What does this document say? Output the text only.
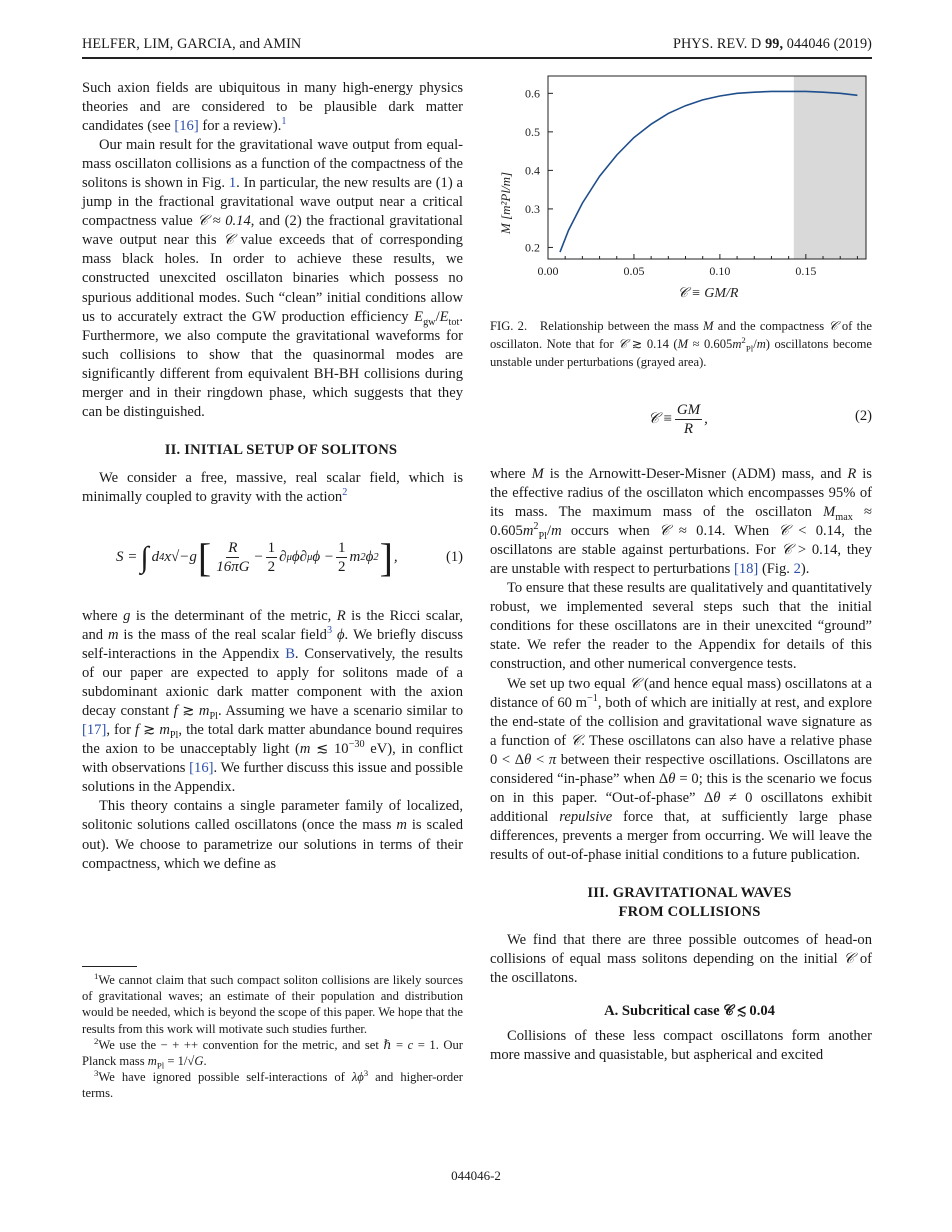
HELFER, LIM, GARCIA, and AMIN	PHYS. REV. D 99, 044046 (2019)

Such axion fields are ubiquitous in many high-energy physics theories and are considered to be plausible dark matter candidates (see [16] for a review).$^1$

Our main result for the gravitational wave output from equal-mass oscillaton collisions as a function of the compactness of the solitons is shown in Fig. 1. In particular, the new results are (1) a jump in the fractional gravitational wave output near a critical compactness value 𝒞 ≈ 0.14, and (2) the fractional gravitational wave output near this 𝒞 value exceeds that of corresponding mass black holes. In order to achieve these results, we constructed unexcited oscillaton binaries which possess no spurious additional modes. Such “clean” initial conditions allow us to accurately extract the GW production efficiency $E_{gw}/E_{tot}$. Furthermore, we also compute the gravitational waveforms for such collisions to show that the quasinormal modes are significantly different from equivalent BH-BH collisions during merger and in their ringdown phase, which suggests that they can be distinguished.

II. INITIAL SETUP OF SOLITONS

We consider a free, massive, real scalar field, which is minimally coupled to gravity with the action$^2$

S = ∫ d 4 x√−g [ $\frac{R}{16\pi G} - \frac{1}{2}$ ∂ μ ϕ∂ μ $\phi - \frac{1}{2}$ m 2 ϕ 2 ] ,	(1)

where g is the determinant of the metric, R is the Ricci scalar, and m is the mass of the real scalar field$^3$ ϕ. We briefly discuss self-interactions in the Appendix B. Conservatively, the results of our paper are expected to apply for solitons made of a subdominant axionic dark matter component with the axion decay constant f ≳ $m_{Pl}$. Assuming we have a scenario similar to [17], for f ≳ $m_{Pl}$, the total dark matter abundance bound requires the axion to be unacceptably light (m ≲ $10^{-30}$ eV), in conflict with observations [16]. We further discuss this issue and possible solutions in the Appendix.

This theory contains a single parameter family of localized, solitonic solutions called oscillatons (once the mass m is scaled out). We choose to parametrize our solutions in terms of their compactness, which we define as

$^1$We cannot claim that such compact soliton collisions are likely sources of gravitational waves; an estimate of their population and distribution would be needed, which is beyond the scope of this paper. We hope that the results from this work will motivate such studies further.

$^2$We use the − + ++ convention for the metric, and set ℏ = c = 1. Our Planck mass $m_{Pl} = 1/√G$.

$^3$We have ignored possible self-interactions of $\lambda\phi^3$ and higher-order terms.

0.00	0.05	0.10	0.15
0.2
0.3
0.4
0.5
0.6
𝒞 ≡ GM/R
M [m²Pl/m]
FIG. 2. Relationship between the mass M and the compactness 𝒞 of the oscillaton. Note that for 𝒞 ≳ 0.14 $(M \approx 0.605m^2_{Pl}/m)$ oscillatons become unstable under perturbations (grayed area).
𝒞 ≡ $\frac{GM}{R}$ ,	(2)

where M is the Arnowitt-Deser-Misner (ADM) mass, and R is the effective radius of the oscillaton which encompasses 95% of its mass. The maximum mass of the oscillaton $M_{max} \approx 0.605m^2_{Pl}/m$ occurs when 𝒞 ≈ 0.14. When 𝒞 < 0.14, the oscillatons are stable against perturbations. For 𝒞 > 0.14, they are unstable with respect to perturbations [18] (Fig. 2).

To ensure that these results are qualitatively and quantitatively robust, we implemented several steps such that the initial conditions for these oscillatons are in their unexcited “ground” state. We refer the reader to the Appendix for details of this construction, and other numerical convergence tests.

We set up two equal 𝒞 (and hence equal mass) oscillatons at a distance of 60 $m^{-1}$, both of which are initially at rest, and explore the end-state of the collision and gravitational wave signature as a function of 𝒞. These oscillatons can also have a relative phase 0 < Δθ < π between their respective oscillations. Oscillatons are considered “in-phase” when Δθ = 0; this is the scenario we focus on in this paper. “Out-of-phase” Δθ ≠ 0 oscillatons exhibit additional repulsive force that, at sufficiently large phase differences, prevents a merger from occurring. We will leave the results of out-of-phase initial conditions to a future publication.

III. GRAVITATIONAL WAVES

FROM COLLISIONS

We find that there are three possible outcomes of head-on collisions of equal mass solitons depending on the initial 𝒞 of the oscillatons.

A. Subcritical case 𝒞 ≲ 0.04

Collisions of these less compact oscillatons form another more massive and quasistable, but aspherical and excited

044046-2
